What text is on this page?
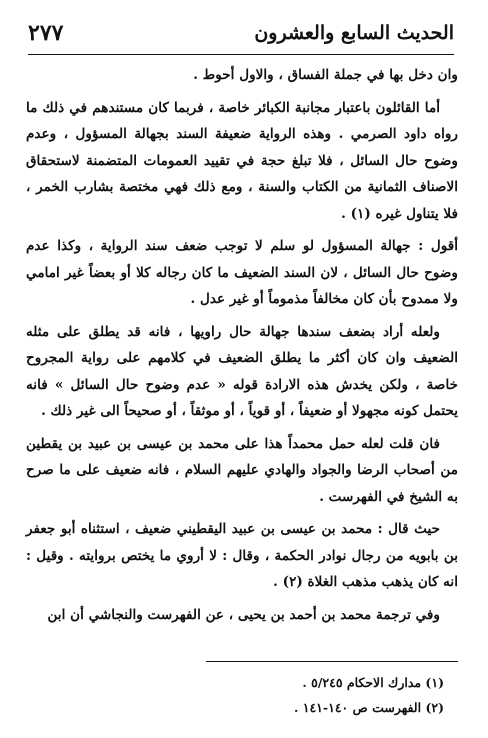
٢٧٧	الحديث السابع والعشرون

وان دخل بها في جملة الفساق ، والاول أحوط .

أما القائلون باعتبار مجانبة الكبائر خاصة ، فربما كان مستندهم في ذلك ما رواه داود الصرمي . وهذه الرواية ضعيفة السند بجهالة المسؤول ، وعدم وضوح حال السائل ، فلا تبلغ حجة في تقييد العمومات المتضمنة لاستحقاق الاصناف الثمانية من الكتاب والسنة ، ومع ذلك فهي مختصة بشارب الخمر ، فلا يتناول غيره (١) .

أقول : جهالة المسؤول لو سلم لا توجب ضعف سند الرواية ، وكذا عدم وضوح حال السائل ، لان السند الضعيف ما كان رجاله كلا أو بعضاً غير امامي ولا ممدوح بأن كان مخالفاً مذموماً أو غير عدل .

ولعله أراد بضعف سندها جهالة حال راويها ، فانه قد يطلق على مثله الضعيف وان كان أكثر ما يطلق الضعيف في كلامهم على رواية المجروح خاصة ، ولكن يخدش هذه الارادة قوله « عدم وضوح حال السائل » فانه يحتمل كونه مجهولا أو ضعيفاً ، أو قوياً ، أو موثقاً ، أو صحيحاً الى غير ذلك .

فان قلت لعله حمل محمداً هذا على محمد بن عيسى بن عبيد بن يقطين من أصحاب الرضا والجواد والهادي عليهم السلام ، فانه ضعيف على ما صرح به الشيخ في الفهرست .

حيث قال : محمد بن عيسى بن عبيد اليقطيني ضعيف ، استثناه أبو جعفر بن بابويه من رجال نوادر الحكمة ، وقال : لا أروي ما يختص بروايته . وقيل : انه كان يذهب مذهب الغلاة (٢) .

وفي ترجمة محمد بن أحمد بن يحيى ، عن الفهرست والنجاشي أن ابن

(١) مدارك الاحكام ٥/٢٤٥ .

(٢) الفهرست ص ١٤٠-١٤١ .
